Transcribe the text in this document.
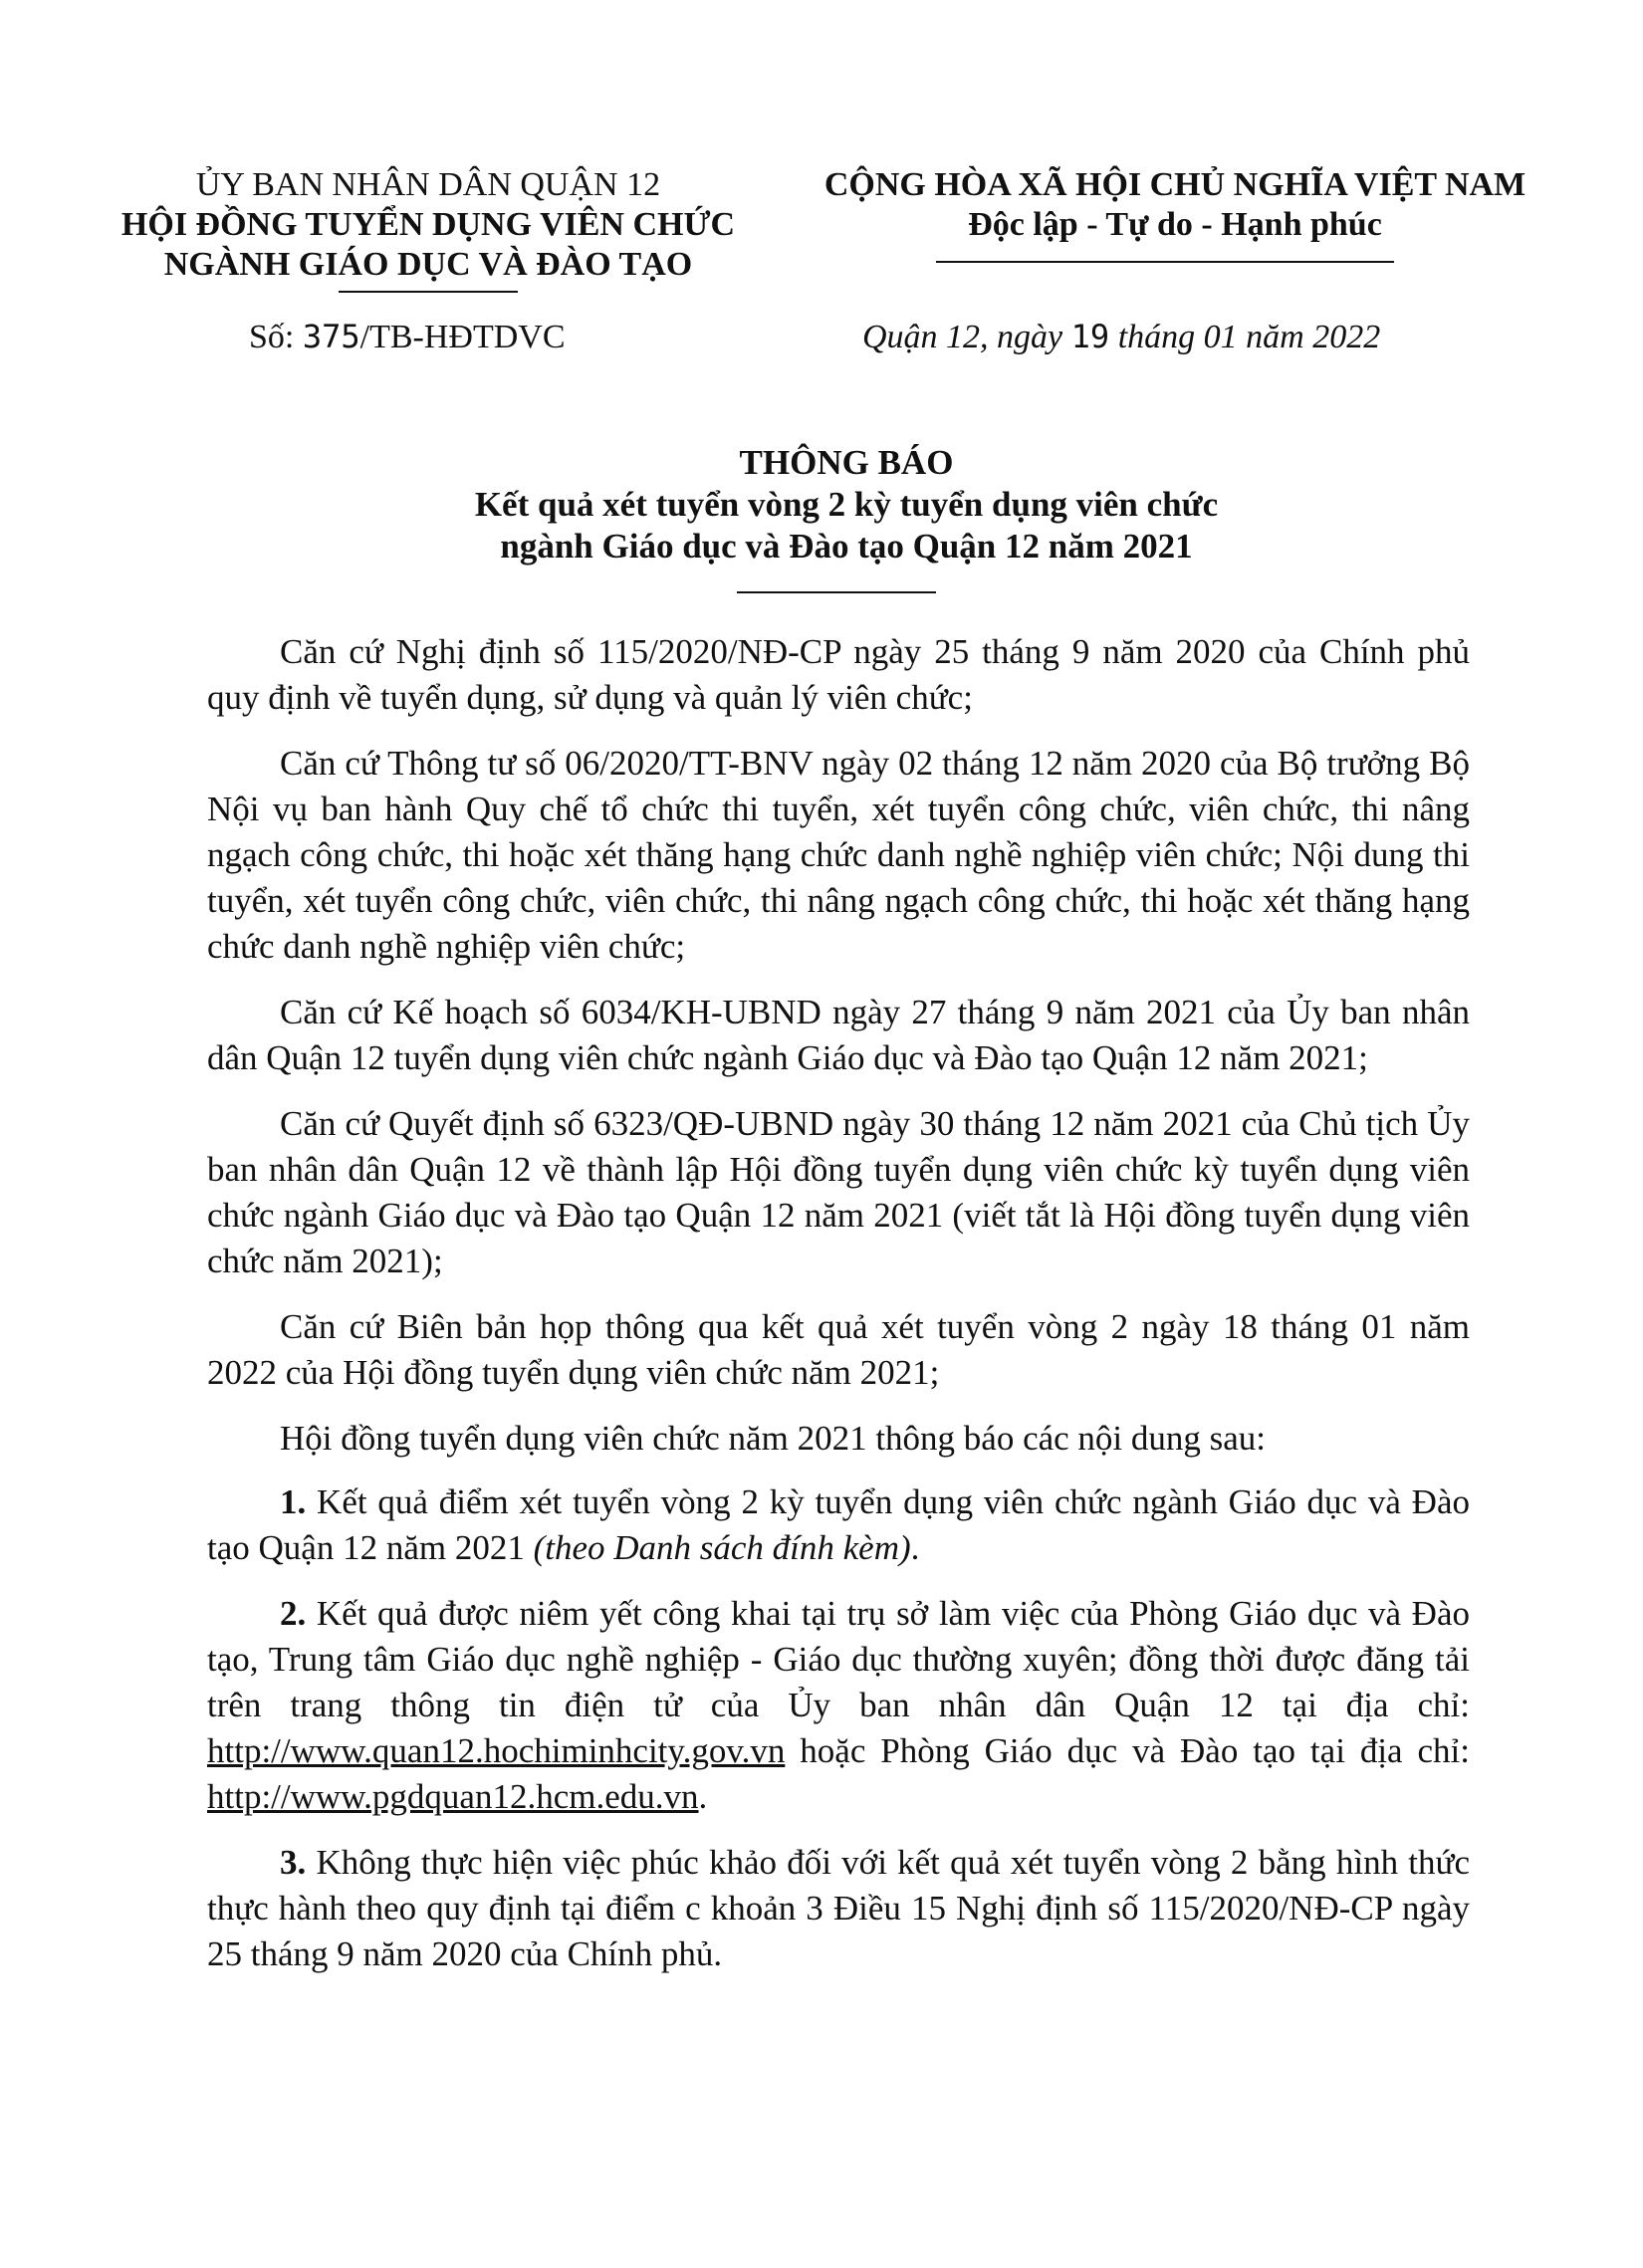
ỦY BAN NHÂN DÂN QUẬN 12
HỘI ĐỒNG TUYỂN DỤNG VIÊN CHỨC
NGÀNH GIÁO DỤC VÀ ĐÀO TẠO
Số: 375/TB-HĐTDVC
CỘNG HÒA XÃ HỘI CHỦ NGHĨA VIỆT NAM
Độc lập - Tự do - Hạnh phúc
Quận 12, ngày 19 tháng 01 năm 2022
THÔNG BÁO
Kết quả xét tuyển vòng 2 kỳ tuyển dụng viên chức
ngành Giáo dục và Đào tạo Quận 12 năm 2021

Căn cứ Nghị định số 115/2020/NĐ-CP ngày 25 tháng 9 năm 2020 của Chính phủ quy định về tuyển dụng, sử dụng và quản lý viên chức;

Căn cứ Thông tư số 06/2020/TT-BNV ngày 02 tháng 12 năm 2020 của Bộ trưởng Bộ Nội vụ ban hành Quy chế tổ chức thi tuyển, xét tuyển công chức, viên chức, thi nâng ngạch công chức, thi hoặc xét thăng hạng chức danh nghề nghiệp viên chức; Nội dung thi tuyển, xét tuyển công chức, viên chức, thi nâng ngạch công chức, thi hoặc xét thăng hạng chức danh nghề nghiệp viên chức;

Căn cứ Kế hoạch số 6034/KH-UBND ngày 27 tháng 9 năm 2021 của Ủy ban nhân dân Quận 12 tuyển dụng viên chức ngành Giáo dục và Đào tạo Quận 12 năm 2021;

Căn cứ Quyết định số 6323/QĐ-UBND ngày 30 tháng 12 năm 2021 của Chủ tịch Ủy ban nhân dân Quận 12 về thành lập Hội đồng tuyển dụng viên chức kỳ tuyển dụng viên chức ngành Giáo dục và Đào tạo Quận 12 năm 2021 (viết tắt là Hội đồng tuyển dụng viên chức năm 2021);

Căn cứ Biên bản họp thông qua kết quả xét tuyển vòng 2 ngày 18 tháng 01 năm 2022 của Hội đồng tuyển dụng viên chức năm 2021;

Hội đồng tuyển dụng viên chức năm 2021 thông báo các nội dung sau:

1. Kết quả điểm xét tuyển vòng 2 kỳ tuyển dụng viên chức ngành Giáo dục và Đào tạo Quận 12 năm 2021 (theo Danh sách đính kèm).

2. Kết quả được niêm yết công khai tại trụ sở làm việc của Phòng Giáo dục và Đào tạo, Trung tâm Giáo dục nghề nghiệp - Giáo dục thường xuyên; đồng thời được đăng tải trên trang thông tin điện tử của Ủy ban nhân dân Quận 12 tại địa chỉ: http://www.quan12.hochiminhcity.gov.vn hoặc Phòng Giáo dục và Đào tạo tại địa chỉ: http://www.pgdquan12.hcm.edu.vn.

3. Không thực hiện việc phúc khảo đối với kết quả xét tuyển vòng 2 bằng hình thức thực hành theo quy định tại điểm c khoản 3 Điều 15 Nghị định số 115/2020/NĐ-CP ngày 25 tháng 9 năm 2020 của Chính phủ.
